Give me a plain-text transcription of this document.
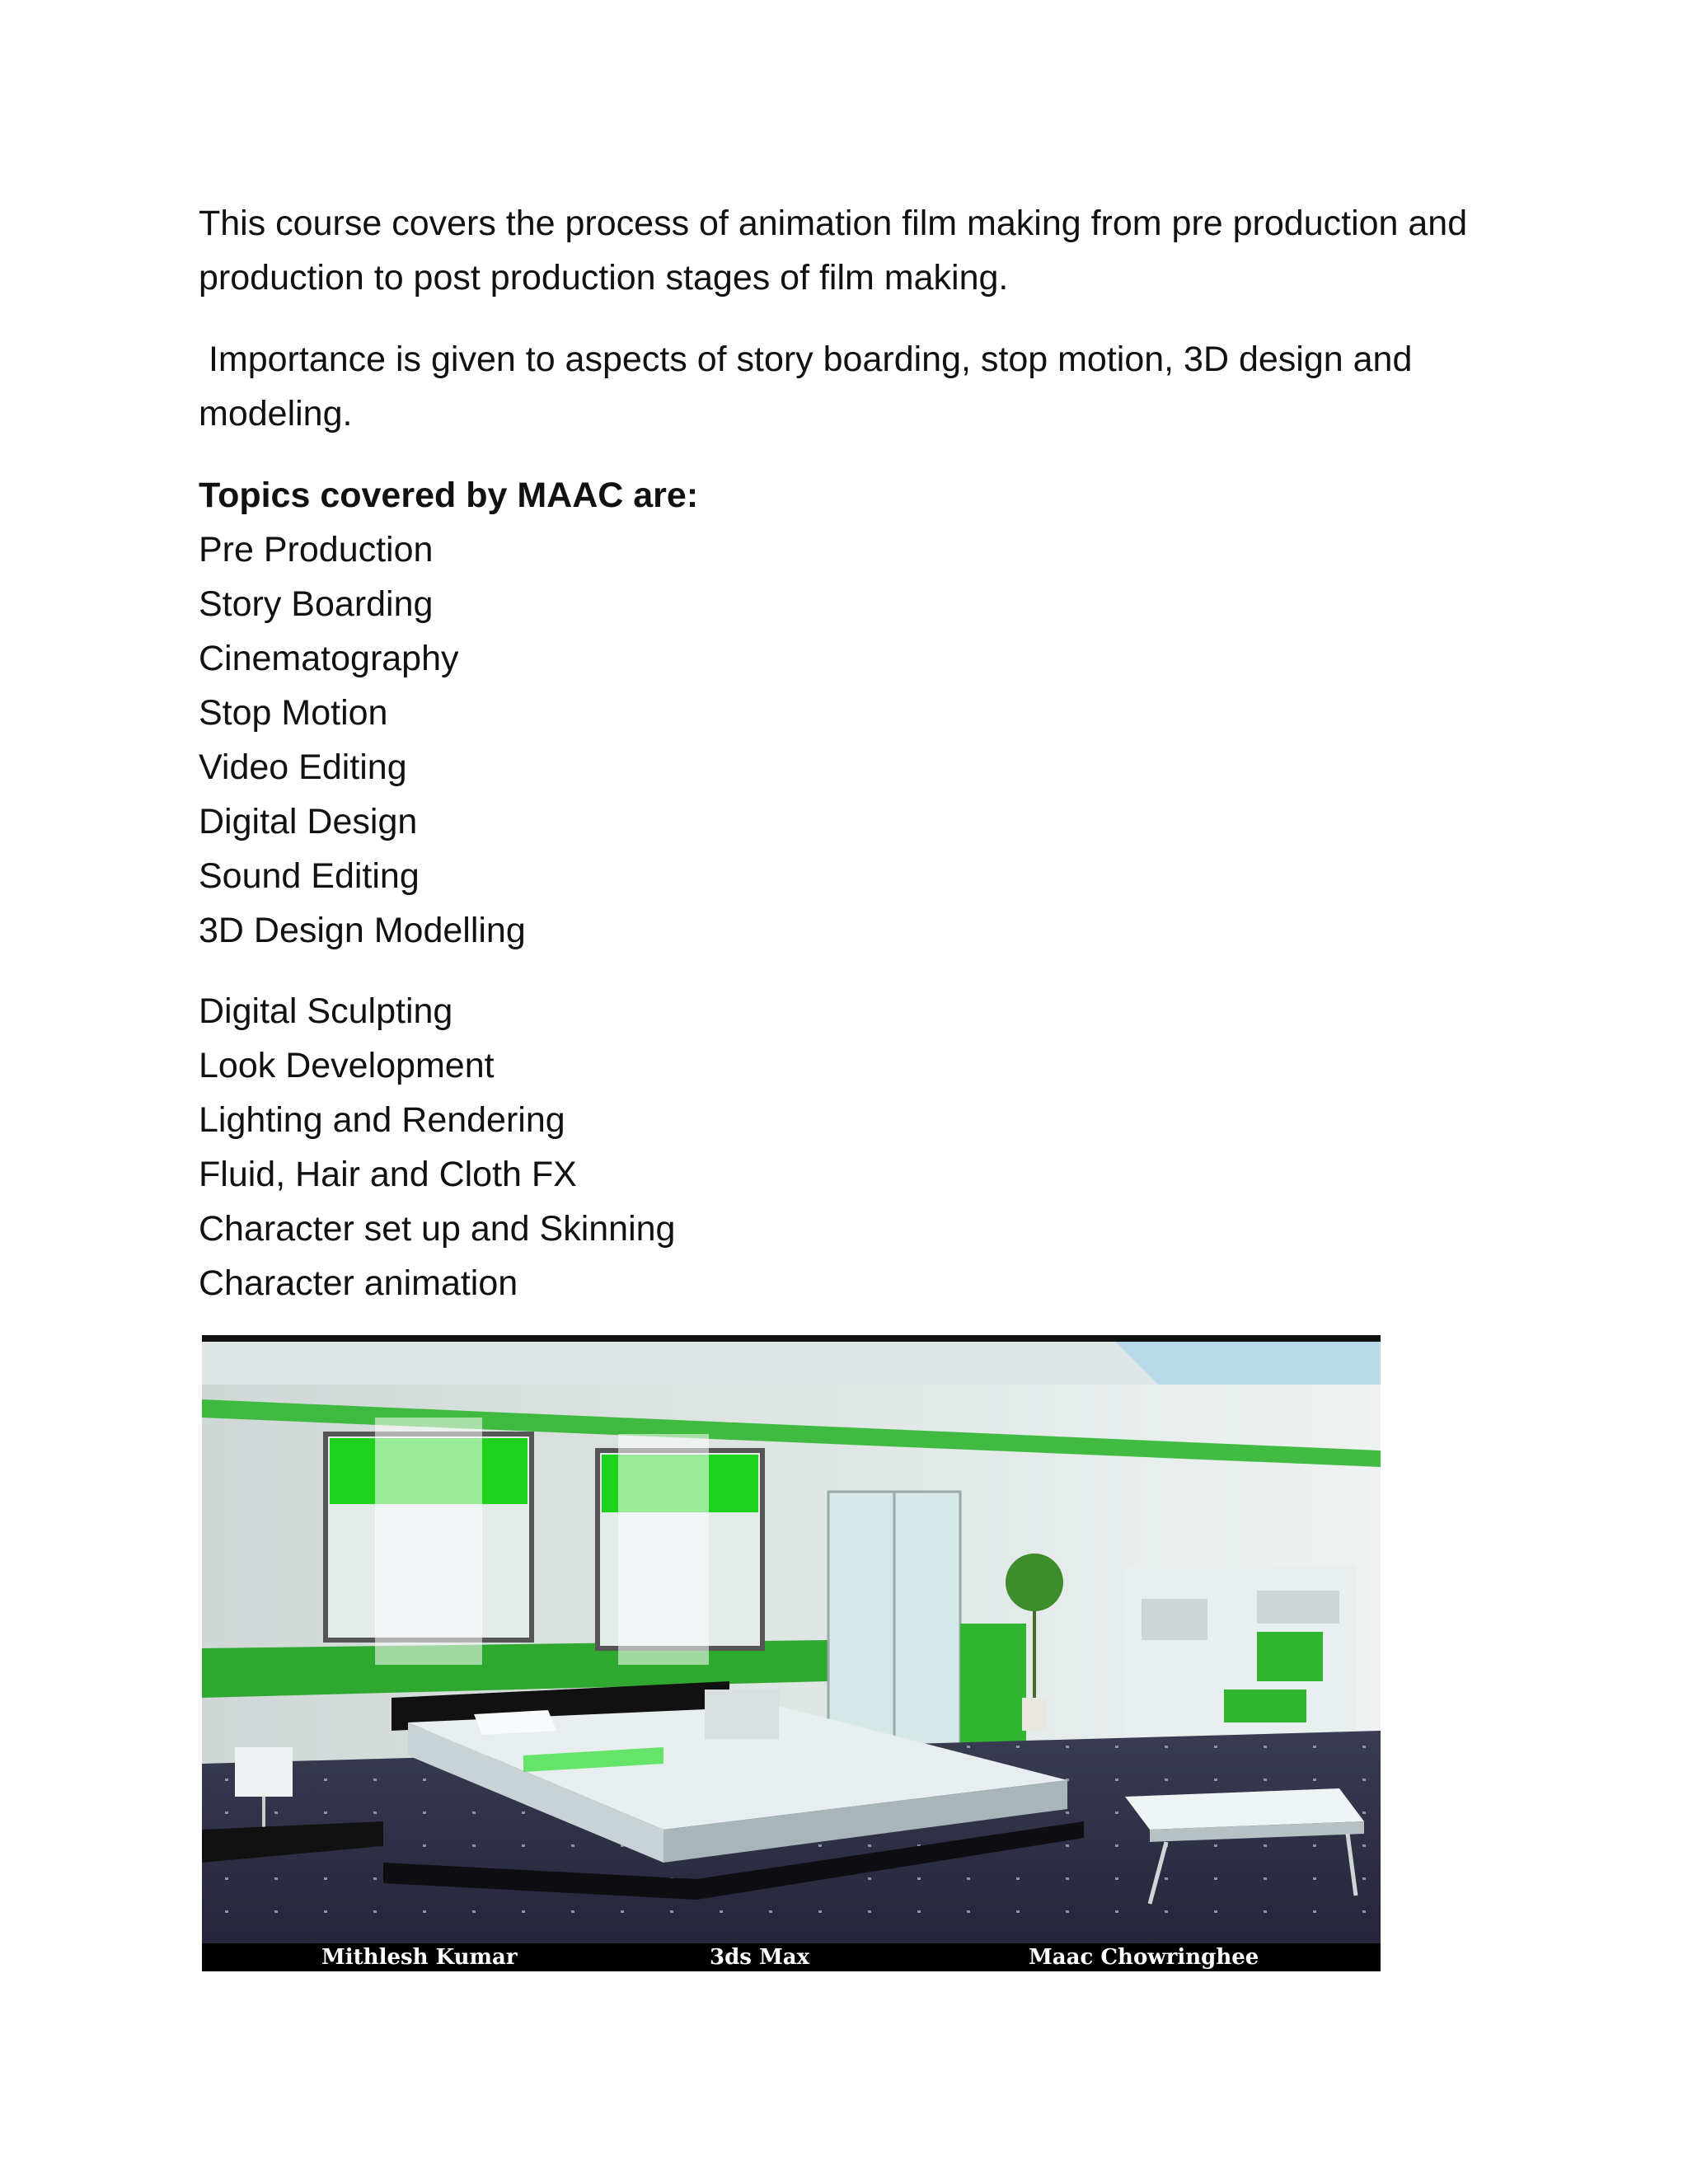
This course covers the process of animation film making from pre production and production to post production stages of film making.

Importance is given to aspects of story boarding, stop motion, 3D design and modeling.

Topics covered by MAAC are:

Pre Production
Story Boarding
Cinematography
Stop Motion
Video Editing
Digital Design
Sound Editing
3D Design Modelling
Digital Sculpting
Look Development
Lighting and Rendering
Fluid, Hair and Cloth FX
Character set up and Skinning
Character animation
Mithlesh Kumar	3ds Max	Maac Chowringhee
